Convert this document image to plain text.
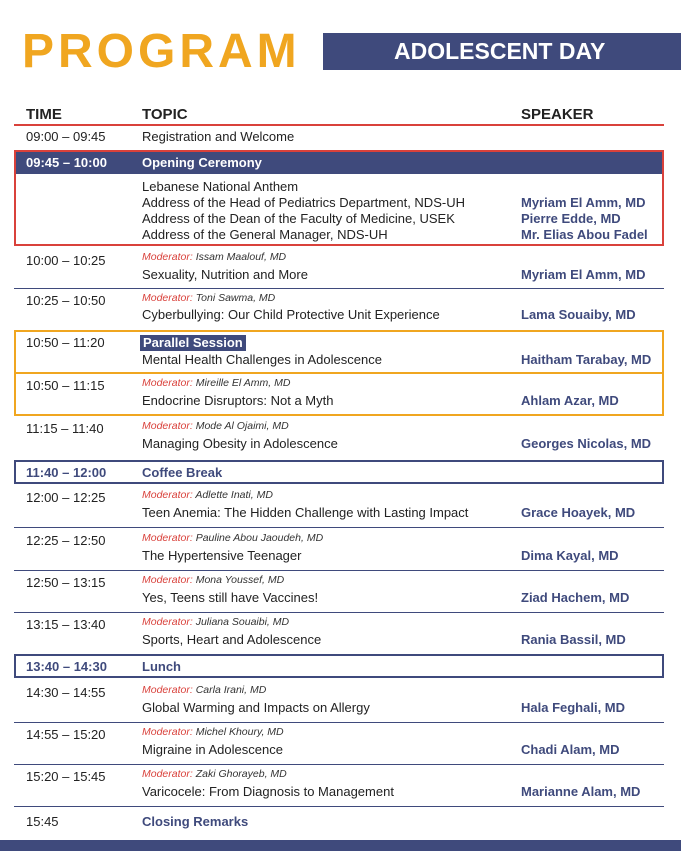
PROGRAM	ADOLESCENT DAY
TIME	TOPIC	SPEAKER
09:00 – 09:45	Registration and Welcome
09:45 – 10:00	Opening Ceremony
Lebanese National Anthem
Address of the Head of Pediatrics Department, NDS-UH	Myriam El Amm, MD
Address of the Dean of the Faculty of Medicine, USEK	Pierre Edde, MD
Address of the General Manager, NDS-UH	Mr. Elias Abou Fadel
10:00 – 10:25	Moderator: Issam Maalouf, MD
Sexuality, Nutrition and More	Myriam El Amm, MD
10:25 – 10:50	Moderator: Toni Sawma, MD
Cyberbullying: Our Child Protective Unit Experience	Lama Souaiby, MD
10:50 – 11:20	Parallel Session
Mental Health Challenges in Adolescence	Haitham Tarabay, MD
10:50 – 11:15	Moderator: Mireille El Amm, MD
Endocrine Disruptors: Not a Myth	Ahlam Azar, MD
11:15 – 11:40	Moderator: Mode Al Ojaimi, MD
Managing Obesity in Adolescence	Georges Nicolas, MD
11:40 – 12:00	Coffee Break
12:00 – 12:25	Moderator: Adlette Inati, MD
Teen Anemia: The Hidden Challenge with Lasting Impact	Grace Hoayek, MD
12:25 – 12:50	Moderator: Pauline Abou Jaoudeh, MD
The Hypertensive Teenager	Dima Kayal, MD
12:50 – 13:15	Moderator: Mona Youssef, MD
Yes, Teens still have Vaccines!	Ziad Hachem, MD
13:15 – 13:40	Moderator: Juliana Souaibi, MD
Sports, Heart and Adolescence	Rania Bassil, MD
13:40 – 14:30	Lunch
14:30 – 14:55	Moderator: Carla Irani, MD
Global Warming and Impacts on Allergy	Hala Feghali, MD
14:55 – 15:20	Moderator: Michel Khoury, MD
Migraine in Adolescence	Chadi Alam, MD
15:20 – 15:45	Moderator: Zaki Ghorayeb, MD
Varicocele: From Diagnosis to Management	Marianne Alam, MD
15:45	Closing Remarks
